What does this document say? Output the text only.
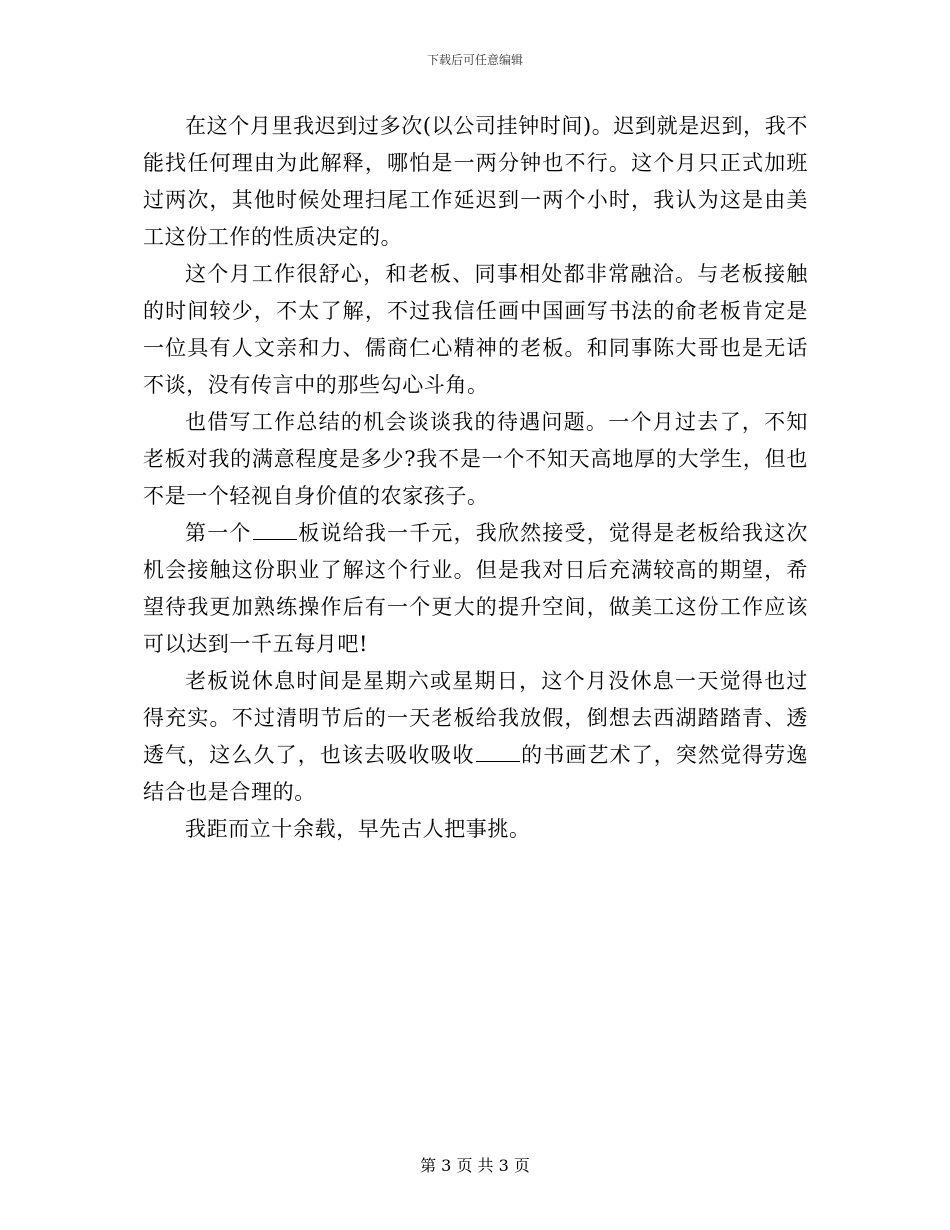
下载后可任意编辑

在这个月里我迟到过多次(以公司挂钟时间)。迟到就是迟到，我不能找任何理由为此解释，哪怕是一两分钟也不行。这个月只正式加班过两次，其他时候处理扫尾工作延迟到一两个小时，我认为这是由美工这份工作的性质决定的。

这个月工作很舒心，和老板、同事相处都非常融洽。与老板接触的时间较少，不太了解，不过我信任画中国画写书法的俞老板肯定是一位具有人文亲和力、儒商仁心精神的老板。和同事陈大哥也是无话不谈，没有传言中的那些勾心斗角。

也借写工作总结的机会谈谈我的待遇问题。一个月过去了，不知老板对我的满意程度是多少?我不是一个不知天高地厚的大学生，但也不是一个轻视自身价值的农家孩子。

第一个 板说给我一千元，我欣然接受，觉得是老板给我这次机会接触这份职业了解这个行业。但是我对日后充满较高的期望，希望待我更加熟练操作后有一个更大的提升空间，做美工这份工作应该可以达到一千五每月吧!

老板说休息时间是星期六或星期日，这个月没休息一天觉得也过得充实。不过清明节后的一天老板给我放假，倒想去西湖踏踏青、透透气，这么久了，也该去吸收吸收 的书画艺术了，突然觉得劳逸结合也是合理的。

我距而立十余载，早先古人把事挑。

第 3 页 共 3 页
